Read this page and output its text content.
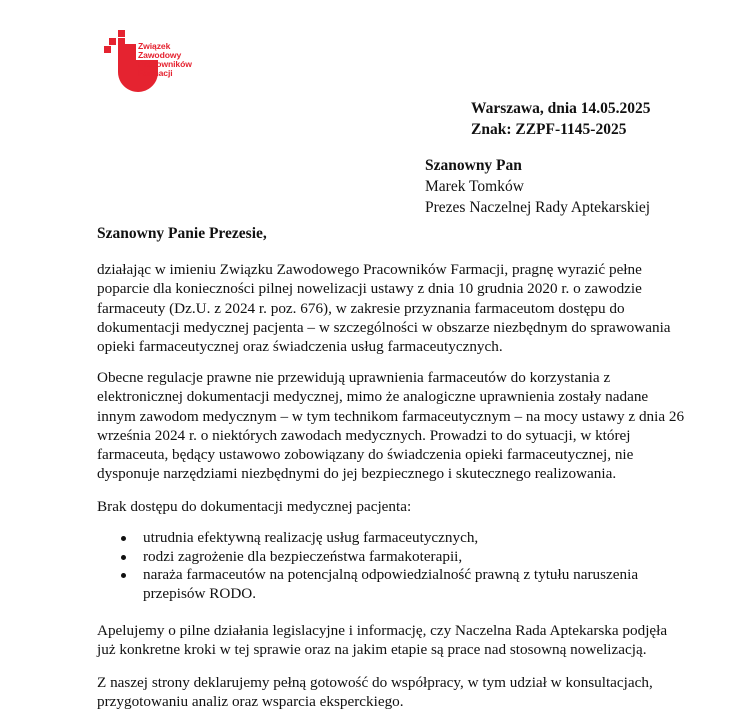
Związek
Zawodowy
Pracowników
Farmacji
Warszawa, dnia 14.05.2025
Znak: ZZPF-1145-2025
Szanowny Pan
Marek Tomków
Prezes Naczelnej Rady Aptekarskiej
Szanowny Panie Prezesie,
działając w imieniu Związku Zawodowego Pracowników Farmacji, pragnę wyrazić pełne poparcie dla konieczności pilnej nowelizacji ustawy z dnia 10 grudnia 2020 r. o zawodzie farmaceuty (Dz.U. z 2024 r. poz. 676), w zakresie przyznania farmaceutom dostępu do dokumentacji medycznej pacjenta – w szczególności w obszarze niezbędnym do sprawowania opieki farmaceutycznej oraz świadczenia usług farmaceutycznych.
Obecne regulacje prawne nie przewidują uprawnienia farmaceutów do korzystania z elektronicznej dokumentacji medycznej, mimo że analogiczne uprawnienia zostały nadane innym zawodom medycznym – w tym technikom farmaceutycznym – na mocy ustawy z dnia 26 września 2024 r. o niektórych zawodach medycznych. Prowadzi to do sytuacji, w której farmaceuta, będący ustawowo zobowiązany do świadczenia opieki farmaceutycznej, nie dysponuje narzędziami niezbędnymi do jej bezpiecznego i skutecznego realizowania.
Brak dostępu do dokumentacji medycznej pacjenta:
utrudnia efektywną realizację usług farmaceutycznych,
rodzi zagrożenie dla bezpieczeństwa farmakoterapii,
naraża farmaceutów na potencjalną odpowiedzialność prawną z tytułu naruszenia przepisów RODO.
Apelujemy o pilne działania legislacyjne i informację, czy Naczelna Rada Aptekarska podjęła już konkretne kroki w tej sprawie oraz na jakim etapie są prace nad stosowną nowelizacją.
Z naszej strony deklarujemy pełną gotowość do współpracy, w tym udział w konsultacjach, przygotowaniu analiz oraz wsparcia eksperckiego.
